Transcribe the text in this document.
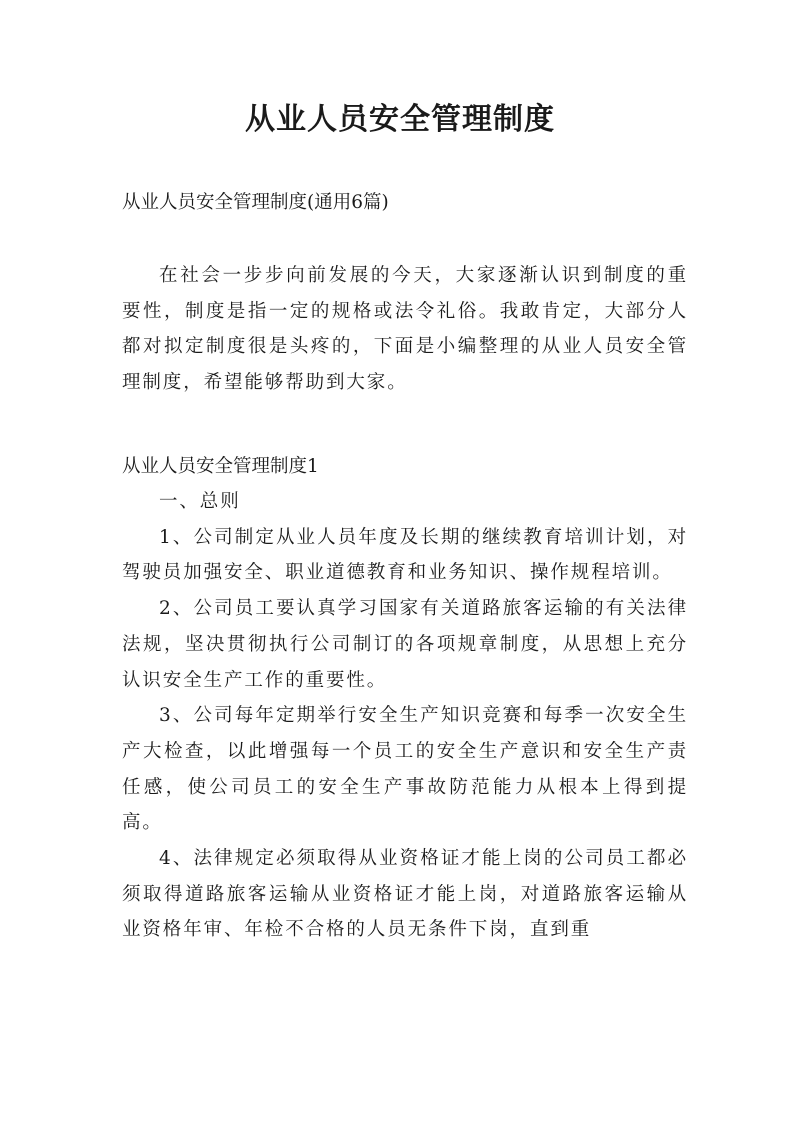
从业人员安全管理制度

从业人员安全管理制度(通用6篇)

在社会一步步向前发展的今天，大家逐渐认识到制度的重要性，制度是指一定的规格或法令礼俗。我敢肯定，大部分人都对拟定制度很是头疼的，下面是小编整理的从业人员安全管理制度，希望能够帮助到大家。

从业人员安全管理制度1

一、总则

1、公司制定从业人员年度及长期的继续教育培训计划，对驾驶员加强安全、职业道德教育和业务知识、操作规程培训。

2、公司员工要认真学习国家有关道路旅客运输的有关法律法规，坚决贯彻执行公司制订的各项规章制度，从思想上充分认识安全生产工作的重要性。

3、公司每年定期举行安全生产知识竞赛和每季一次安全生产大检查，以此增强每一个员工的安全生产意识和安全生产责任感，使公司员工的安全生产事故防范能力从根本上得到提高。

4、法律规定必须取得从业资格证才能上岗的公司员工都必须取得道路旅客运输从业资格证才能上岗，对道路旅客运输从业资格年审、年检不合格的人员无条件下岗，直到重
